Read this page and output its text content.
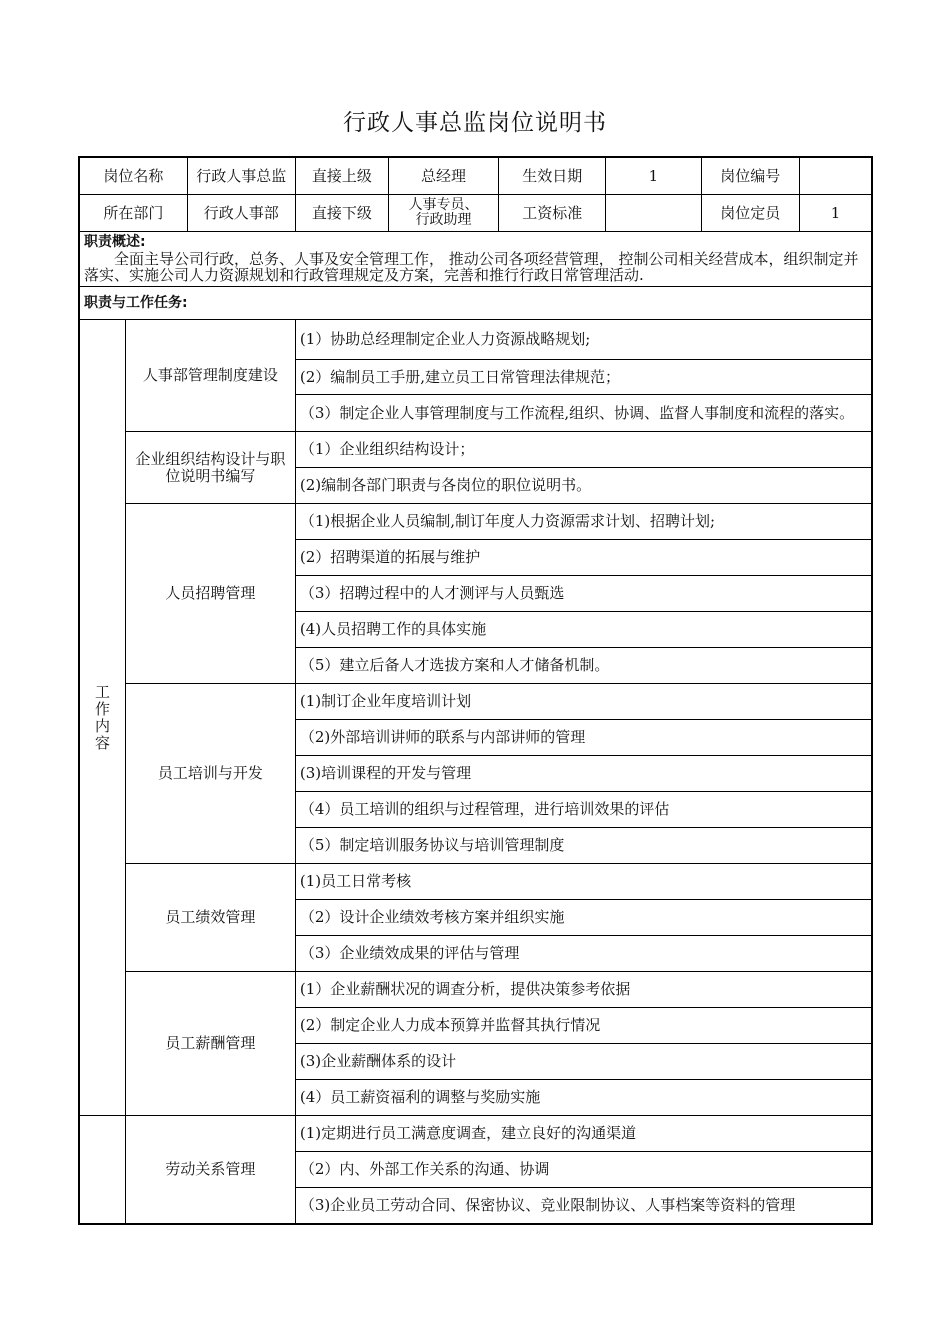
行政人事总监岗位说明书
岗位名称		行政人事总监	直接上级	总经理	生效日期	1	岗位编号	
所在部门		行政人事部	直接下级	人事专员、
行政助理	工资标准		岗位定员	1

职责概述:
全面主导公司行政，总务、人事及安全管理工作， 推动公司各项经营管理， 控制公司相关经营成本，组织制定并落实、实施公司人力资源规划和行政管理规定及方案，完善和推行行政日常管理活动.								

职责与工作任务:								

工作内容	人事部管理制度建设		(1）协助总经理制定企业人力资源战略规划;					
			(2）编制员工手册,建立员工日常管理法律规范；					
			（3）制定企业人事管理制度与工作流程,组织、协调、监督人事制度和流程的落实。					
	企业组织结构设计与职位说明书编写		（1）企业组织结构设计；					
			(2)编制各部门职责与各岗位的职位说明书。					
	人员招聘管理		（1)根据企业人员编制,制订年度人力资源需求计划、招聘计划;					
			(2）招聘渠道的拓展与维护					
			（3）招聘过程中的人才测评与人员甄选					
			(4)人员招聘工作的具体实施					
			（5）建立后备人才选拔方案和人才储备机制。					
	员工培训与开发		(1)制订企业年度培训计划					
			（2)外部培训讲师的联系与内部讲师的管理					
			(3)培训课程的开发与管理					
			（4）员工培训的组织与过程管理，进行培训效果的评估					
			（5）制定培训服务协议与培训管理制度					
	员工绩效管理		(1)员工日常考核					
			（2）设计企业绩效考核方案并组织实施					
			（3）企业绩效成果的评估与管理					
	员工薪酬管理		(1）企业薪酬状况的调查分析，提供决策参考依据					
			(2）制定企业人力成本预算并监督其执行情况					
			(3)企业薪酬体系的设计					
			(4）员工薪资福利的调整与奖励实施					
	劳动关系管理		(1)定期进行员工满意度调查，建立良好的沟通渠道					
			（2）内、外部工作关系的沟通、协调					
			（3)企业员工劳动合同、保密协议、竞业限制协议、人事档案等资料的管理					
